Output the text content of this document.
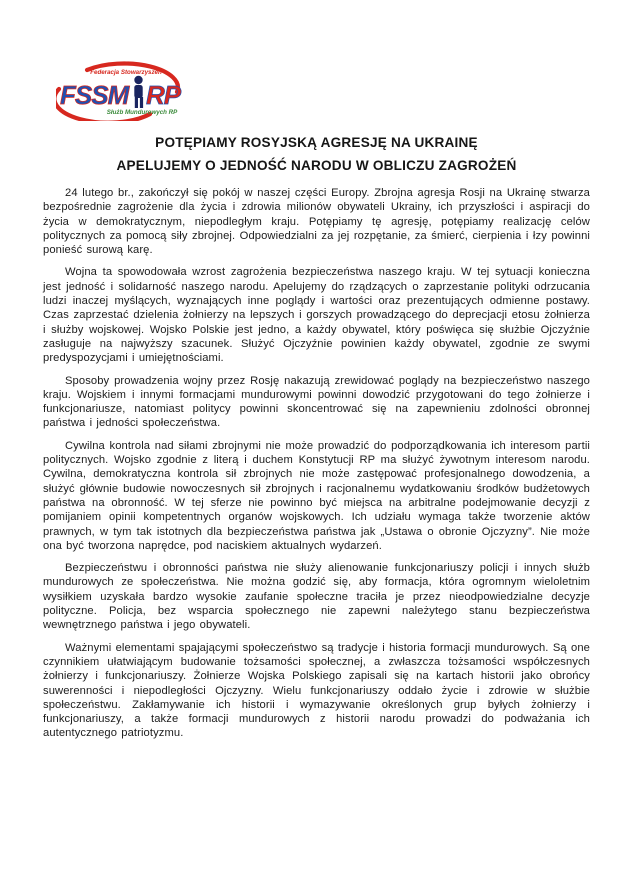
Federacja Stowarzyszeń
FSSM RP
Służb Mundurowych RP
POTĘPIAMY ROSYJSKĄ AGRESJĘ NA UKRAINĘ
APELUJEMY O JEDNOŚĆ NARODU W OBLICZU ZAGROŻEŃ

24 lutego br., zakończył się pokój w naszej części Europy. Zbrojna agresja Rosji na Ukrainę stwarza bezpośrednie zagrożenie dla życia i zdrowia milionów obywateli Ukrainy, ich przyszłości i aspiracji do życia w demokratycznym, niepodległym kraju. Potępiamy tę agresję, potępiamy realizację celów politycznych za pomocą siły zbrojnej. Odpowiedzialni za jej rozpętanie, za śmierć, cierpienia i łzy powinni ponieść surową karę.

Wojna ta spowodowała wzrost zagrożenia bezpieczeństwa naszego kraju. W tej sytuacji konieczna jest jedność i solidarność naszego narodu. Apelujemy do rządzących o zaprzestanie polityki odrzucania ludzi inaczej myślących, wyznających inne poglądy i wartości oraz prezentujących odmienne postawy. Czas zaprzestać dzielenia żołnierzy na lepszych i gorszych prowadzącego do deprecjacji etosu żołnierza i służby wojskowej. Wojsko Polskie jest jedno, a każdy obywatel, który poświęca się służbie Ojczyźnie zasługuje na najwyższy szacunek. Służyć Ojczyźnie powinien każdy obywatel, zgodnie ze swymi predyspozycjami i umiejętnościami.

Sposoby prowadzenia wojny przez Rosję nakazują zrewidować poglądy na bezpieczeństwo naszego kraju. Wojskiem i innymi formacjami mundurowymi powinni dowodzić przygotowani do tego żołnierze i funkcjonariusze, natomiast politycy powinni skoncentrować się na zapewnieniu zdolności obronnej państwa i jedności społeczeństwa.

Cywilna kontrola nad siłami zbrojnymi nie może prowadzić do podporządkowania ich interesom partii politycznych. Wojsko zgodnie z literą i duchem Konstytucji RP ma służyć żywotnym interesom narodu. Cywilna, demokratyczna kontrola sił zbrojnych nie może zastępować profesjonalnego dowodzenia, a służyć głównie budowie nowoczesnych sił zbrojnych i racjonalnemu wydatkowaniu środków budżetowych państwa na obronność. W tej sferze nie powinno być miejsca na arbitralne podejmowanie decyzji z pomijaniem opinii kompetentnych organów wojskowych. Ich udziału wymaga także tworzenie aktów prawnych, w tym tak istotnych dla bezpieczeństwa państwa jak „Ustawa o obronie Ojczyzny”. Nie może ona być tworzona naprędce, pod naciskiem aktualnych wydarzeń.

Bezpieczeństwu i obronności państwa nie służy alienowanie funkcjonariuszy policji i innych służb mundurowych ze społeczeństwa. Nie można godzić się, aby formacja, która ogromnym wieloletnim wysiłkiem uzyskała bardzo wysokie zaufanie społeczne traciła je przez nieodpowiedzialne decyzje polityczne. Policja, bez wsparcia społecznego nie zapewni należytego stanu bezpieczeństwa wewnętrznego państwa i jego obywateli.

Ważnymi elementami spajającymi społeczeństwo są tradycje i historia formacji mundurowych. Są one czynnikiem ułatwiającym budowanie tożsamości społecznej, a zwłaszcza tożsamości współczesnych żołnierzy i funkcjonariuszy. Żołnierze Wojska Polskiego zapisali się na kartach historii jako obrońcy suwerenności i niepodległości Ojczyzny. Wielu funkcjonariuszy oddało życie i zdrowie w służbie społeczeństwu. Zakłamywanie ich historii i wymazywanie określonych grup byłych żołnierzy i funkcjonariuszy, a także formacji mundurowych z historii narodu prowadzi do podważania ich autentycznego patriotyzmu.
